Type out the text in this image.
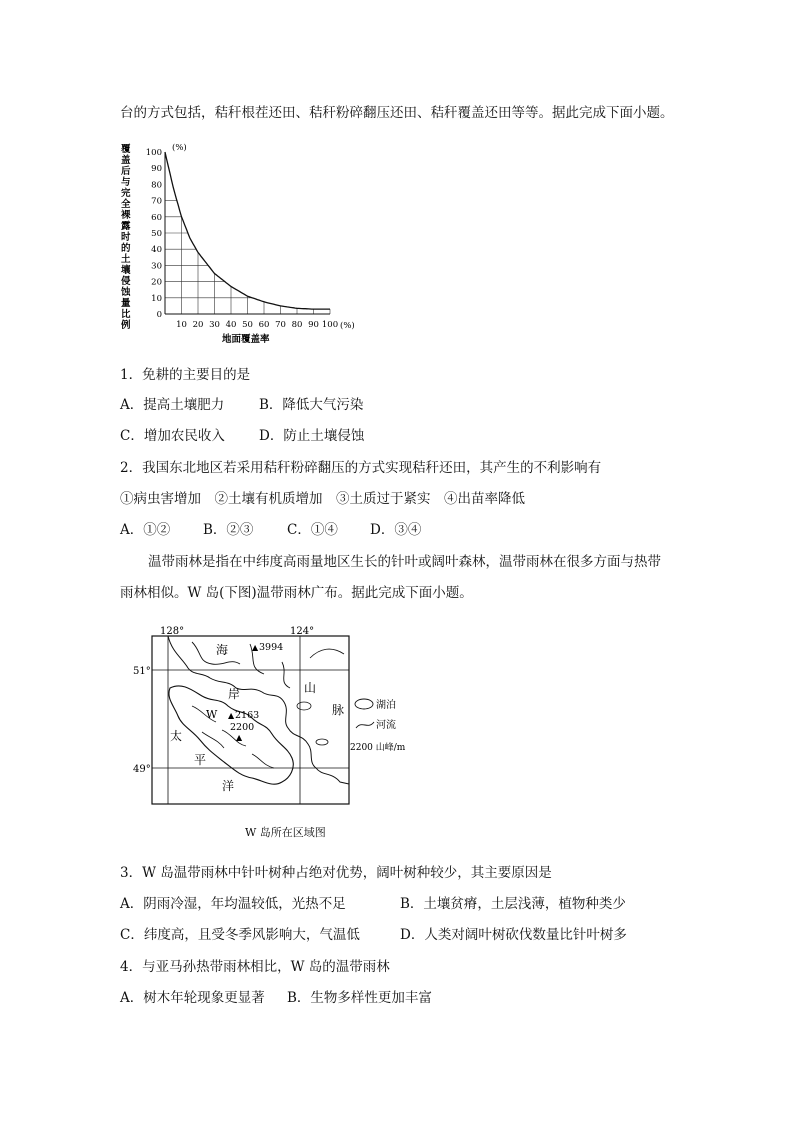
台的方式包括，秸秆根茬还田、秸秆粉碎翻压还田、秸秆覆盖还田等等。据此完成下面小题。
覆
盖
后
与
完
全
裸
露
时
的
土
壤
侵
蚀
量
比
例
(%)
0
10
20
30
40
50
60
70
80
90
100
10 20 30 40 50 60 70 80 90 100 (%)
地面覆盖率
1．免耕的主要目的是
A．提高土壤肥力	B．降低大气污染
C．增加农民收入	D．防止土壤侵蚀
2．我国东北地区若采用秸秆粉碎翻压的方式实现秸秆还田，其产生的不利影响有
①病虫害增加　②土壤有机质增加　③土质过于紧实　④出苗率降低
A．①② B．②③ C．①④ D．③④
温带雨林是指在中纬度高雨量地区生长的针叶或阔叶森林，温带雨林在很多方面与热带
雨林相似。W 岛(下图)温带雨林广布。据此完成下面小题。
128°	124°
51°
49°
海
岸	山
脉
太
平
洋
W
▲ 3994
▲ 2163
2200
▲
湖泊
河流
2200 山峰/m
W 岛所在区域图
3．W 岛温带雨林中针叶树种占绝对优势，阔叶树种较少，其主要原因是
A．阴雨冷湿，年均温较低，光热不足	B．土壤贫瘠，土层浅薄，植物种类少
C．纬度高，且受冬季风影响大，气温低	D．人类对阔叶树砍伐数量比针叶树多
4．与亚马孙热带雨林相比，W 岛的温带雨林
A．树木年轮现象更显著 B．生物多样性更加丰富
